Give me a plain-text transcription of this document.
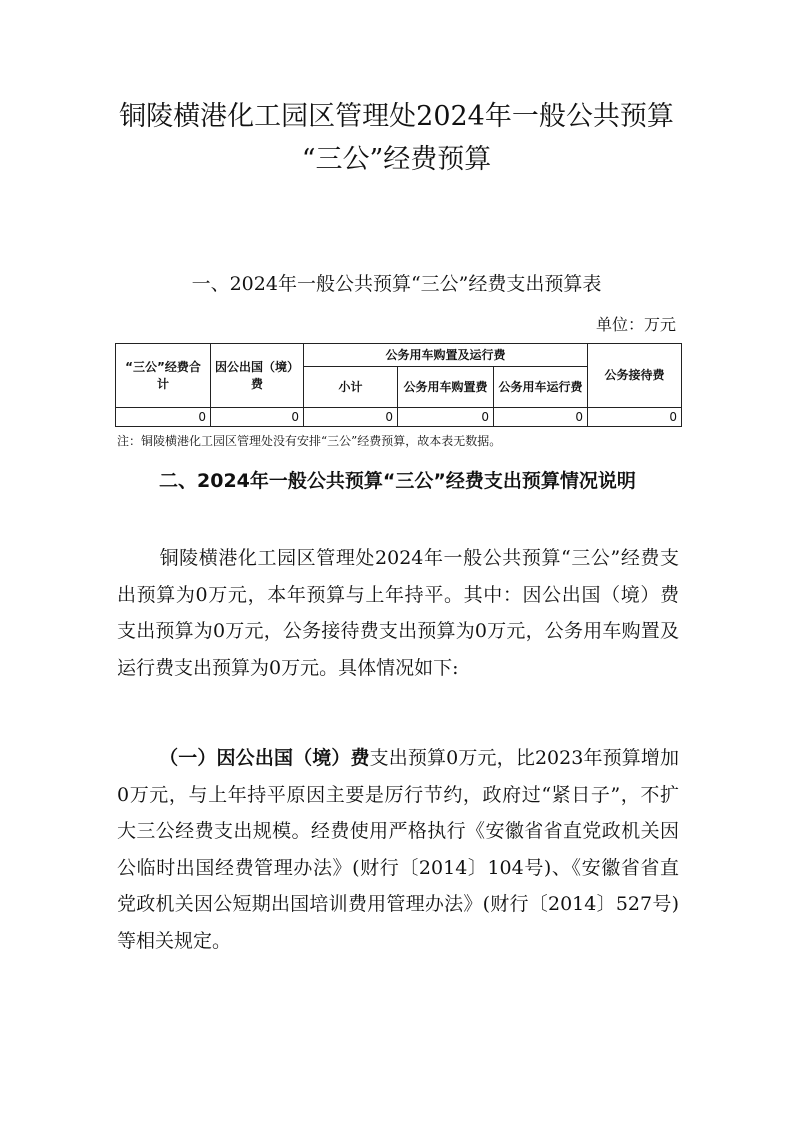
铜陵横港化工园区管理处2024年一般公共预算
“三公”经费预算
一、2024年一般公共预算“三公”经费支出预算表
单位：万元
“三公”经费合计	因公出国（境）费	公务用车购置及运行费			公务接待费
		小计	公务用车购置费	公务用车运行费	
0	0	0	0	0	0
注：铜陵横港化工园区管理处没有安排“三公”经费预算，故本表无数据。
二、2024年一般公共预算“三公”经费支出预算情况说明
铜陵横港化工园区管理处2024年一般公共预算“三公”经费支出预算为0万元，本年预算与上年持平。其中：因公出国（境）费支出预算为0万元，公务接待费支出预算为0万元，公务用车购置及运行费支出预算为0万元。具体情况如下:
（一）因公出国（境）费支出预算0万元，比2023年预算增加0万元，与上年持平原因主要是厉行节约，政府过“紧日子”，不扩大三公经费支出规模。经费使用严格执行《安徽省省直党政机关因公临时出国经费管理办法》(财行〔2014〕104号)、《安徽省省直党政机关因公短期出国培训费用管理办法》(财行〔2014〕527号)等相关规定。
